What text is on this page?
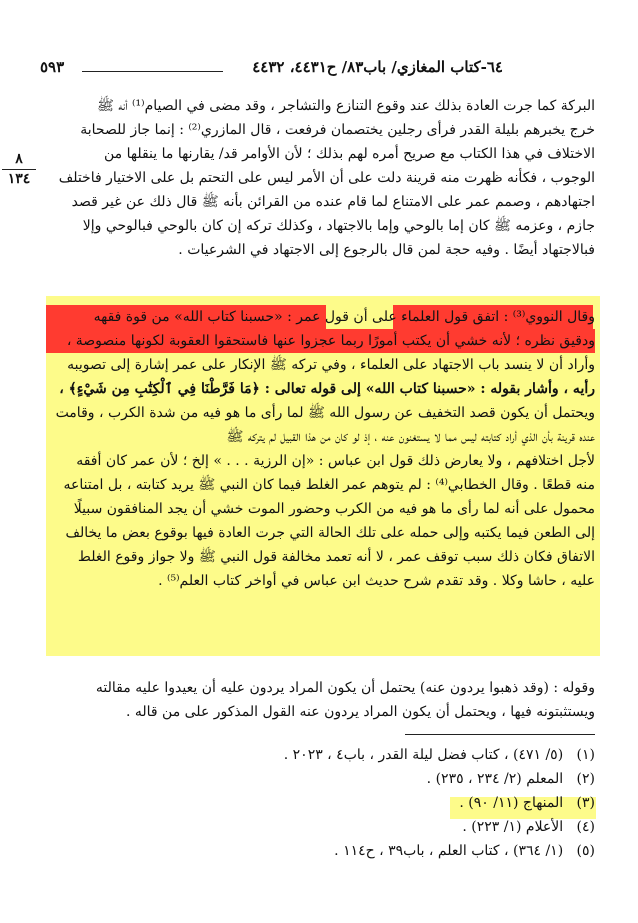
٦٤-كتاب المغازي/ باب٨٣/ ح٤٤٣١، ٤٤٣٢
٥٩٣
٨
١٣٤
البركة كما جرت العادة بذلك عند وقوع التنازع والتشاجر ، وقد مضى في الصيام⁽¹⁾ أنه ﷺ
خرج يخبرهم بليلة القدر فرأى رجلين يختصمان فرفعت ، قال المازري⁽²⁾ : إنما جاز للصحابة
الاختلاف في هذا الكتاب مع صريح أمره لهم بذلك ؛ لأن الأوامر قد/ يقارنها ما ينقلها من
الوجوب ، فكأنه ظهرت منه قرينة دلت على أن الأمر ليس على التحتم بل على الاختيار فاختلف
اجتهادهم ، وصمم عمر على الامتناع لما قام عنده من القرائن بأنه ﷺ قال ذلك عن غير قصد
جازم ، وعزمه ﷺ كان إما بالوحي وإما بالاجتهاد ، وكذلك تركه إن كان بالوحي فبالوحي وإلا
فبالاجتهاد أيضًا . وفيه حجة لمن قال بالرجوع إلى الاجتهاد في الشرعيات .
وقال النووي⁽³⁾ : اتفق قول العلماء على أن قول عمر : «حسبنا كتاب الله» من قوة فقهه
ودقيق نظره ؛ لأنه خشي أن يكتب أمورًا ربما عجزوا عنها فاستحقوا العقوبة لكونها منصوصة ،
وأراد أن لا ينسد باب الاجتهاد على العلماء ، وفي تركه ﷺ الإنكار على عمر إشارة إلى تصويبه
رأيه ، وأشار بقوله : «حسبنا كتاب الله» إلى قوله تعالى : ﴿مَا فَرَّطْنَا فِي ٱلْكِتَٰبِ مِن شَيْءٍ﴾ ،
ويحتمل أن يكون قصد التخفيف عن رسول الله ﷺ لما رأى ما هو فيه من شدة الكرب ، وقامت
عنده قرينة بأن الذي أراد كتابته ليس مما لا يستغنون عنه ، إذ لو كان من هذا القبيل لم يتركه ﷺ
لأجل اختلافهم ، ولا يعارض ذلك قول ابن عباس : «إن الرزية . . . » إلخ ؛ لأن عمر كان أفقه
منه قطعًا . وقال الخطابي⁽⁴⁾ : لم يتوهم عمر الغلط فيما كان النبي ﷺ يريد كتابته ، بل امتناعه
محمول على أنه لما رأى ما هو فيه من الكرب وحضور الموت خشي أن يجد المنافقون سبيلًا
إلى الطعن فيما يكتبه وإلى حمله على تلك الحالة التي جرت العادة فيها بوقوع بعض ما يخالف
الاتفاق فكان ذلك سبب توقف عمر ، لا أنه تعمد مخالفة قول النبي ﷺ ولا جواز وقوع الغلط
عليه ، حاشا وكلا . وقد تقدم شرح حديث ابن عباس في أواخر كتاب العلم⁽⁵⁾ .
وقوله : (وقد ذهبوا يردون عنه) يحتمل أن يكون المراد يردون عليه أن يعيدوا عليه مقالته
ويستثبتونه فيها ، ويحتمل أن يكون المراد يردون عنه القول المذكور على من قاله .
(١)   (٥/ ٤٧١) ، كتاب فضل ليلة القدر ، باب٤ ، ٢٠٢٣ .
(٢)   المعلم (٢/ ٢٣٤ ، ٢٣٥) .
(٣)   المنهاج (١١/ ٩٠) .
(٤)   الأعلام (١/ ٢٢٣) .
(٥)   (١/ ٣٦٤) ، كتاب العلم ، باب٣٩ ، ح١١٤ .
